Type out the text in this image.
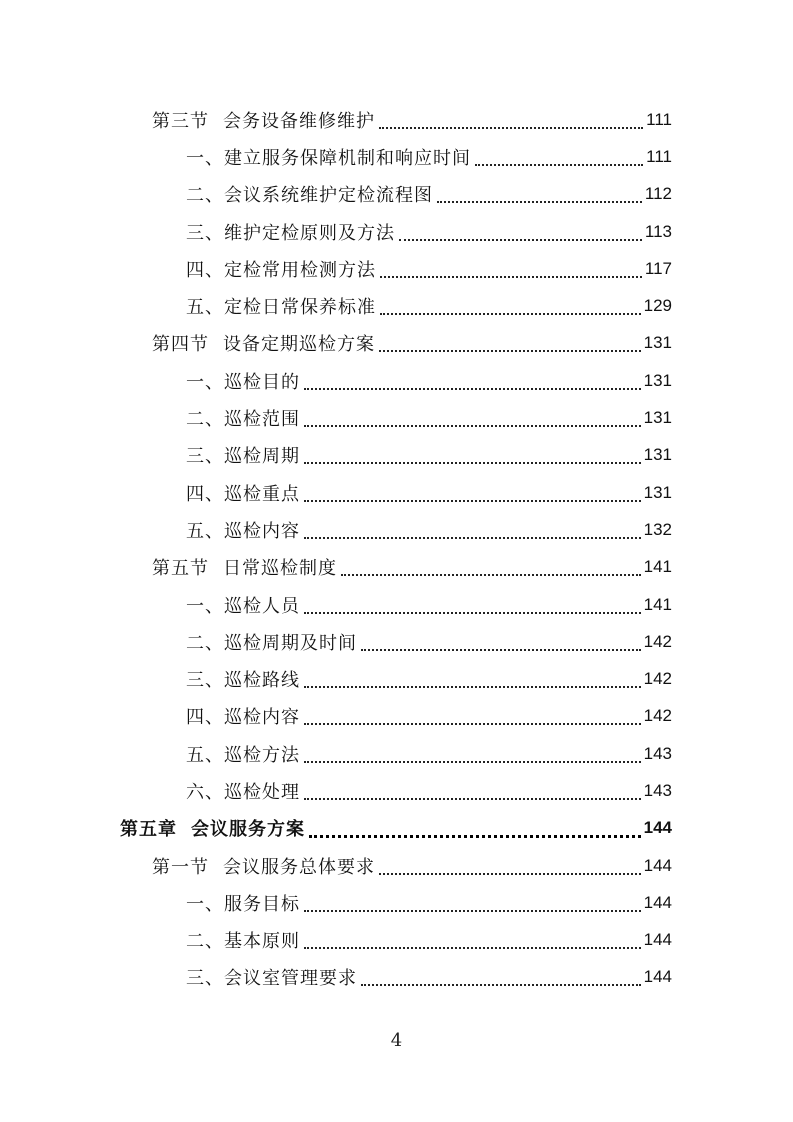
第三节 会务设备维修维护	111
一、建立服务保障机制和响应时间	111
二、会议系统维护定检流程图	112
三、维护定检原则及方法	113
四、定检常用检测方法	117
五、定检日常保养标准	129
第四节 设备定期巡检方案	131
一、巡检目的	131
二、巡检范围	131
三、巡检周期	131
四、巡检重点	131
五、巡检内容	132
第五节 日常巡检制度	141
一、巡检人员	141
二、巡检周期及时间	142
三、巡检路线	142
四、巡检内容	142
五、巡检方法	143
六、巡检处理	143
第五章 会议服务方案	144
第一节 会议服务总体要求	144
一、服务目标	144
二、基本原则	144
三、会议室管理要求	144
4
